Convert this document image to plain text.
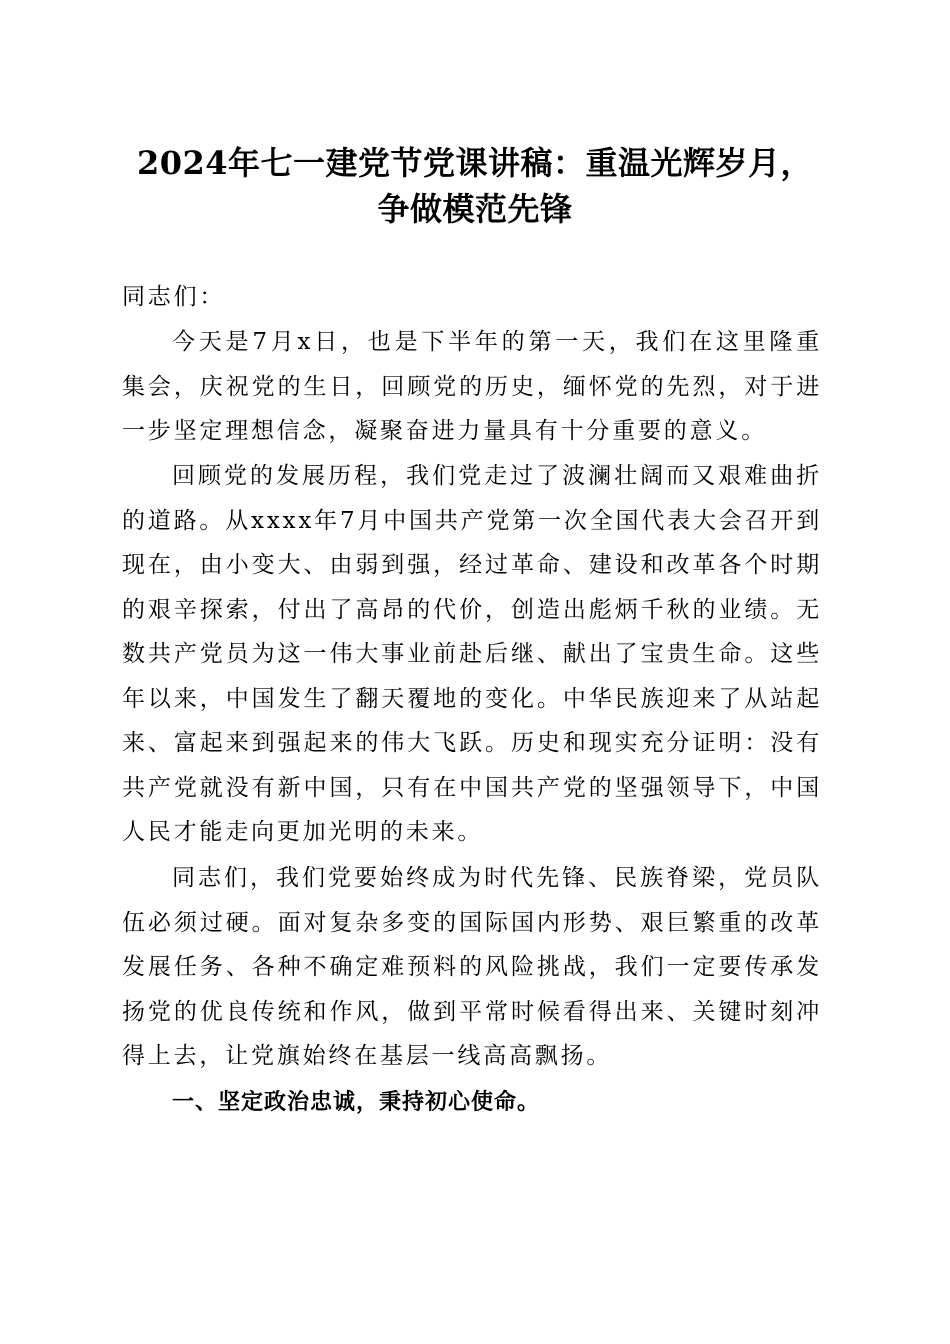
2024年七一建党节党课讲稿：重温光辉岁月，
争做模范先锋

同志们：

今天是7月x日，也是下半年的第一天，我们在这里隆重集会，庆祝党的生日，回顾党的历史，缅怀党的先烈，对于进一步坚定理想信念，凝聚奋进力量具有十分重要的意义。

回顾党的发展历程，我们党走过了波澜壮阔而又艰难曲折的道路。从xxxx年7月中国共产党第一次全国代表大会召开到现在，由小变大、由弱到强，经过革命、建设和改革各个时期的艰辛探索，付出了高昂的代价，创造出彪炳千秋的业绩。无数共产党员为这一伟大事业前赴后继、献出了宝贵生命。这些年以来，中国发生了翻天覆地的变化。中华民族迎来了从站起来、富起来到强起来的伟大飞跃。历史和现实充分证明：没有共产党就没有新中国，只有在中国共产党的坚强领导下，中国人民才能走向更加光明的未来。

同志们，我们党要始终成为时代先锋、民族脊梁，党员队伍必须过硬。面对复杂多变的国际国内形势、艰巨繁重的改革发展任务、各种不确定难预料的风险挑战，我们一定要传承发扬党的优良传统和作风，做到平常时候看得出来、关键时刻冲得上去，让党旗始终在基层一线高高飘扬。

一、坚定政治忠诚，秉持初心使命。
